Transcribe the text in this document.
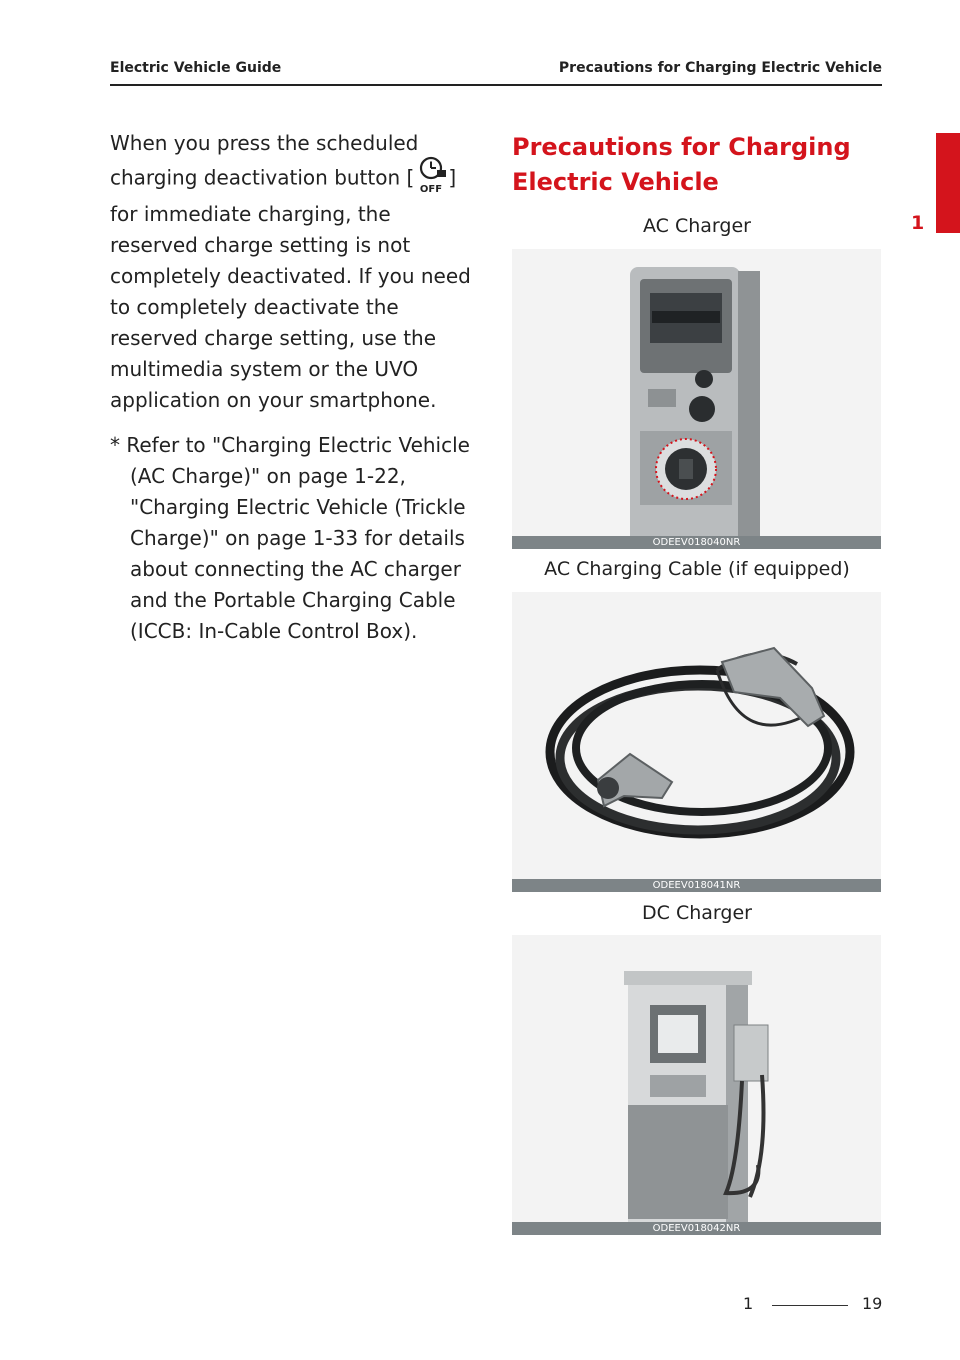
Electric Vehicle Guide	Precautions for Charging Electric Vehicle
1

When you press the scheduled charging deactivation button [ OFF ] for immediate charging, the reserved charge setting is not completely deactivated. If you need to completely deactivate the reserved charge setting, use the multimedia system or the UVO application on your smartphone.

* Refer to "Charging Electric Vehicle (AC Charge)" on page 1-22, "Charging Electric Vehicle (Trickle Charge)" on page 1-33 for details about connecting the AC charger and the Portable Charging Cable (ICCB: In-Cable Control Box).

Precautions for Charging Electric Vehicle
AC Charger
ODEEV018040NR
AC Charging Cable (if equipped)
ODEEV018041NR
DC Charger
ODEEV018042NR
1	19
